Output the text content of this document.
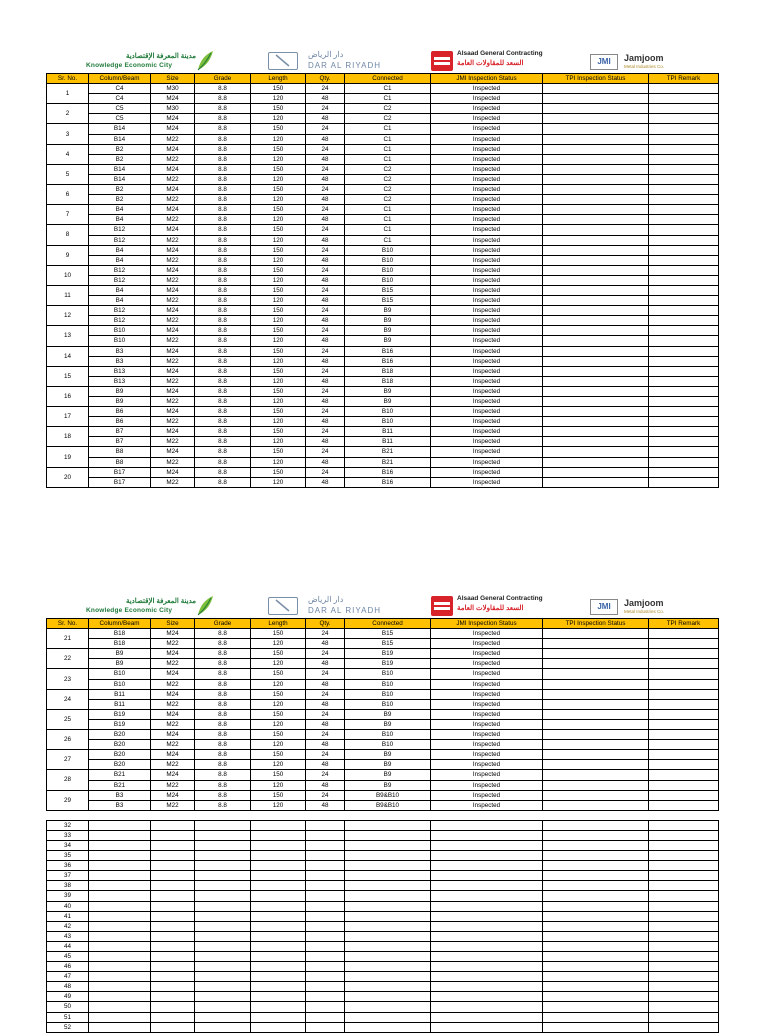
مدينة المعرفة الإقتصادية
Knowledge Economic City
دار الرياض
DAR AL RIYADH
Alsaad General Contracting
السعد للمقاولات العامة	JMI	Jamjoom
Metal Industries Co.
Sr. No.	Column/Beam	Size	Grade	Length	Qty.	Connected	JMI Inspection Status	TPI Inspection Status	TPI Remark
1	C4	M30	8.8	150	24	C1	Inspected		
	C4	M24	8.8	120	48	C1	Inspected		
2	C5	M30	8.8	150	24	C2	Inspected		
	C5	M24	8.8	120	48	C2	Inspected		
3	B14	M24	8.8	150	24	C1	Inspected		
	B14	M22	8.8	120	48	C1	Inspected		
4	B2	M24	8.8	150	24	C1	Inspected		
	B2	M22	8.8	120	48	C1	Inspected		
5	B14	M24	8.8	150	24	C2	Inspected		
	B14	M22	8.8	120	48	C2	Inspected		
6	B2	M24	8.8	150	24	C2	Inspected		
	B2	M22	8.8	120	48	C2	Inspected		
7	B4	M24	8.8	150	24	C1	Inspected		
	B4	M22	8.8	120	48	C1	Inspected		
8	B12	M24	8.8	150	24	C1	Inspected		
	B12	M22	8.8	120	48	C1	Inspected		
9	B4	M24	8.8	150	24	B10	Inspected		
	B4	M22	8.8	120	48	B10	Inspected		
10	B12	M24	8.8	150	24	B10	Inspected		
	B12	M22	8.8	120	48	B10	Inspected		
11	B4	M24	8.8	150	24	B15	Inspected		
	B4	M22	8.8	120	48	B15	Inspected		
12	B12	M24	8.8	150	24	B9	Inspected		
	B12	M22	8.8	120	48	B9	Inspected		
13	B10	M24	8.8	150	24	B9	Inspected		
	B10	M22	8.8	120	48	B9	Inspected		
14	B3	M24	8.8	150	24	B16	Inspected		
	B3	M22	8.8	120	48	B16	Inspected		
15	B13	M24	8.8	150	24	B18	Inspected		
	B13	M22	8.8	120	48	B18	Inspected		
16	B9	M24	8.8	150	24	B9	Inspected		
	B9	M22	8.8	120	48	B9	Inspected		
17	B6	M24	8.8	150	24	B10	Inspected		
	B6	M22	8.8	120	48	B10	Inspected		
18	B7	M24	8.8	150	24	B11	Inspected		
	B7	M22	8.8	120	48	B11	Inspected		
19	B8	M24	8.8	150	24	B21	Inspected		
	B8	M22	8.8	120	48	B21	Inspected		
20	B17	M24	8.8	150	24	B16	Inspected		
	B17	M22	8.8	120	48	B16	Inspected		
مدينة المعرفة الإقتصادية
Knowledge Economic City
دار الرياض
DAR AL RIYADH
Alsaad General Contracting
السعد للمقاولات العامة	JMI	Jamjoom
Metal Industries Co.
Sr. No.	Column/Beam	Size	Grade	Length	Qty.	Connected	JMI Inspection Status	TPI Inspection Status	TPI Remark
21	B18	M24	8.8	150	24	B15	Inspected		
	B18	M22	8.8	120	48	B15	Inspected		
22	B9	M24	8.8	150	24	B19	Inspected		
	B9	M22	8.8	120	48	B19	Inspected		
23	B10	M24	8.8	150	24	B10	Inspected		
	B10	M22	8.8	120	48	B10	Inspected		
24	B11	M24	8.8	150	24	B10	Inspected		
	B11	M22	8.8	120	48	B10	Inspected		
25	B19	M24	8.8	150	24	B9	Inspected		
	B19	M22	8.8	120	48	B9	Inspected		
26	B20	M24	8.8	150	24	B10	Inspected		
	B20	M22	8.8	120	48	B10	Inspected		
27	B20	M24	8.8	150	24	B9	Inspected		
	B20	M22	8.8	120	48	B9	Inspected		
28	B21	M24	8.8	150	24	B9	Inspected		
	B21	M22	8.8	120	48	B9	Inspected		
29	B3	M24	8.8	150	24	B9&B10	Inspected		
	B3	M22	8.8	120	48	B9&B10	Inspected		

32									
33									
34									
35									
36									
37									
38									
39									
40									
41									
42									
43									
44									
45									
46									
47									
48									
49									
50									
51									
52									
